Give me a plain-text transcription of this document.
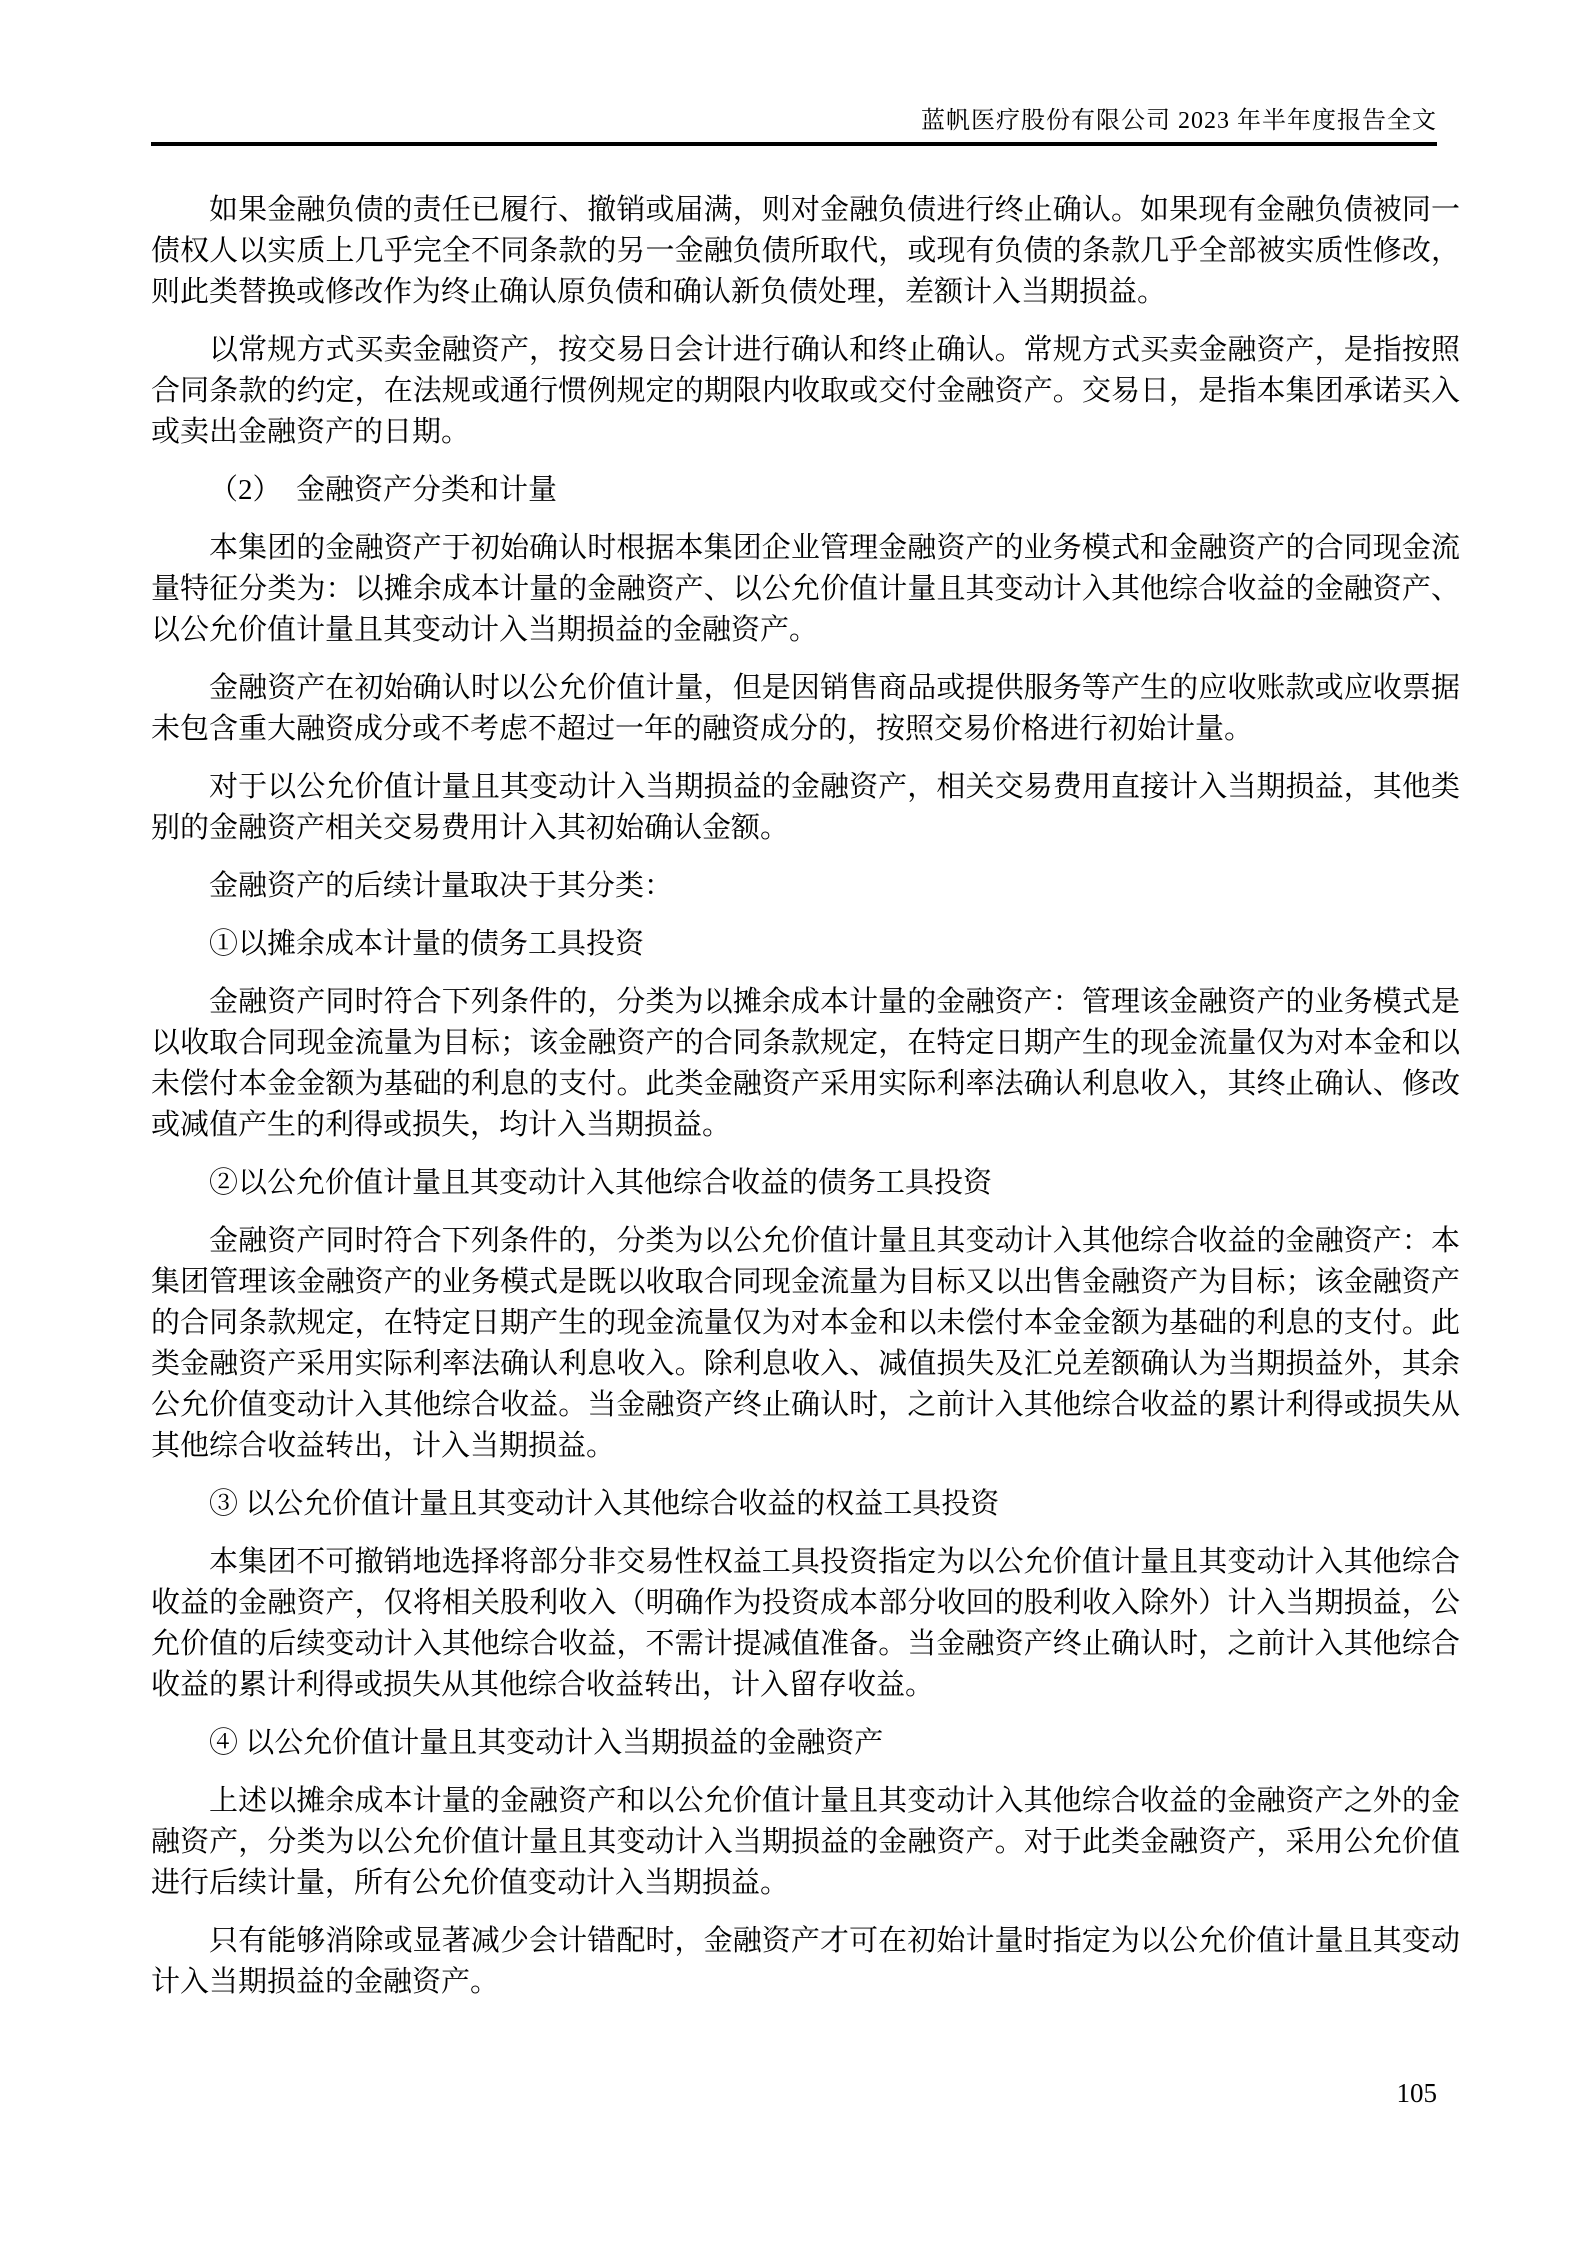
蓝帆医疗股份有限公司 2023 年半年度报告全文

如果金融负债的责任已履行、撤销或届满，则对金融负债进行终止确认。如果现有金融负债被同一债权人以实质上几乎完全不同条款的另一金融负债所取代，或现有负债的条款几乎全部被实质性修改，则此类替换或修改作为终止确认原负债和确认新负债处理，差额计入当期损益。

以常规方式买卖金融资产，按交易日会计进行确认和终止确认。常规方式买卖金融资产，是指按照合同条款的约定，在法规或通行惯例规定的期限内收取或交付金融资产。交易日，是指本集团承诺买入或卖出金融资产的日期。

（2）　金融资产分类和计量

本集团的金融资产于初始确认时根据本集团企业管理金融资产的业务模式和金融资产的合同现金流量特征分类为：以摊余成本计量的金融资产、以公允价值计量且其变动计入其他综合收益的金融资产、以公允价值计量且其变动计入当期损益的金融资产。

金融资产在初始确认时以公允价值计量，但是因销售商品或提供服务等产生的应收账款或应收票据未包含重大融资成分或不考虑不超过一年的融资成分的，按照交易价格进行初始计量。

对于以公允价值计量且其变动计入当期损益的金融资产，相关交易费用直接计入当期损益，其他类别的金融资产相关交易费用计入其初始确认金额。

金融资产的后续计量取决于其分类：

①以摊余成本计量的债务工具投资

金融资产同时符合下列条件的，分类为以摊余成本计量的金融资产：管理该金融资产的业务模式是以收取合同现金流量为目标；该金融资产的合同条款规定，在特定日期产生的现金流量仅为对本金和以未偿付本金金额为基础的利息的支付。此类金融资产采用实际利率法确认利息收入，其终止确认、修改或减值产生的利得或损失，均计入当期损益。

②以公允价值计量且其变动计入其他综合收益的债务工具投资

金融资产同时符合下列条件的，分类为以公允价值计量且其变动计入其他综合收益的金融资产：本集团管理该金融资产的业务模式是既以收取合同现金流量为目标又以出售金融资产为目标；该金融资产的合同条款规定，在特定日期产生的现金流量仅为对本金和以未偿付本金金额为基础的利息的支付。此类金融资产采用实际利率法确认利息收入。除利息收入、减值损失及汇兑差额确认为当期损益外，其余公允价值变动计入其他综合收益。当金融资产终止确认时，之前计入其他综合收益的累计利得或损失从其他综合收益转出，计入当期损益。

③ 以公允价值计量且其变动计入其他综合收益的权益工具投资

本集团不可撤销地选择将部分非交易性权益工具投资指定为以公允价值计量且其变动计入其他综合收益的金融资产，仅将相关股利收入（明确作为投资成本部分收回的股利收入除外）计入当期损益，公允价值的后续变动计入其他综合收益，不需计提减值准备。当金融资产终止确认时，之前计入其他综合收益的累计利得或损失从其他综合收益转出，计入留存收益。

④ 以公允价值计量且其变动计入当期损益的金融资产

上述以摊余成本计量的金融资产和以公允价值计量且其变动计入其他综合收益的金融资产之外的金融资产，分类为以公允价值计量且其变动计入当期损益的金融资产。对于此类金融资产，采用公允价值进行后续计量，所有公允价值变动计入当期损益。

只有能够消除或显著减少会计错配时，金融资产才可在初始计量时指定为以公允价值计量且其变动计入当期损益的金融资产。

105
